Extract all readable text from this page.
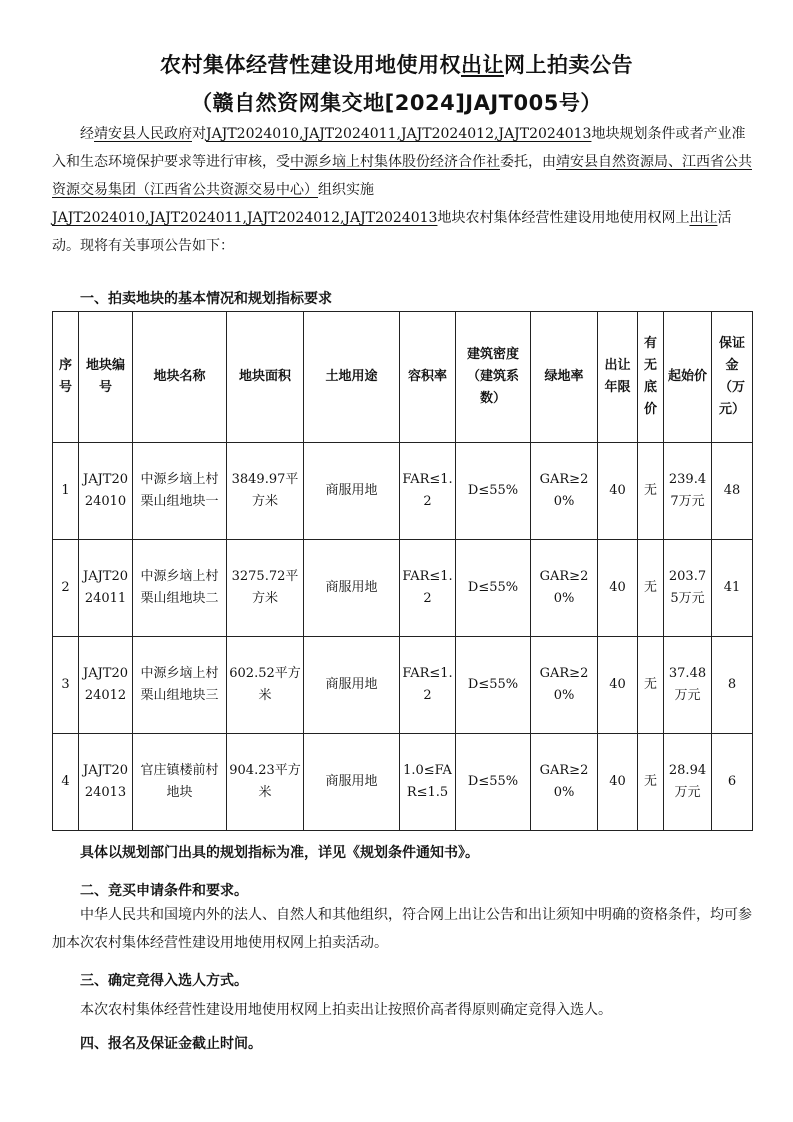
农村集体经营性建设用地使用权出让网上拍卖公告
（赣自然资网集交地[2024]JAJT005号）

经靖安县人民政府对JAJT2024010,JAJT2024011,JAJT2024012,JAJT2024013地块规划条件或者产业准入和生态环境保护要求等进行审核，受中源乡垴上村集体股份经济合作社委托，由靖安县自然资源局、江西省公共资源交易集团（江西省公共资源交易中心）组织实施

JAJT2024010,JAJT2024011,JAJT2024012,JAJT2024013地块农村集体经营性建设用地使用权网上出让活动。现将有关事项公告如下：

一、拍卖地块的基本情况和规划指标要求
序号	地块编号	地块名称	地块面积	土地用途	容积率	建筑密度（建筑系数）	绿地率	出让年限	有无底价	起始价	保证金（万元）
1	JAJT2024010	中源乡垴上村栗山组地块一	3849.97平方米	商服用地	FAR≤1.2	D≤55%	GAR≥20%	40	无	239.47万元	48
2	JAJT2024011	中源乡垴上村栗山组地块二	3275.72平方米	商服用地	FAR≤1.2	D≤55%	GAR≥20%	40	无	203.75万元	41
3	JAJT2024012	中源乡垴上村栗山组地块三	602.52平方米	商服用地	FAR≤1.2	D≤55%	GAR≥20%	40	无	37.48万元	8
4	JAJT2024013	官庄镇楼前村地块	904.23平方米	商服用地	1.0≤FAR≤1.5	D≤55%	GAR≥20%	40	无	28.94万元	6
具体以规划部门出具的规划指标为准，详见《规划条件通知书》。
二、竞买申请条件和要求。
中华人民共和国境内外的法人、自然人和其他组织，符合网上出让公告和出让须知中明确的资格条件，均可参加本次农村集体经营性建设用地使用权网上拍卖活动。
三、确定竞得入选人方式。
本次农村集体经营性建设用地使用权网上拍卖出让按照价高者得原则确定竞得入选人。
四、报名及保证金截止时间。
